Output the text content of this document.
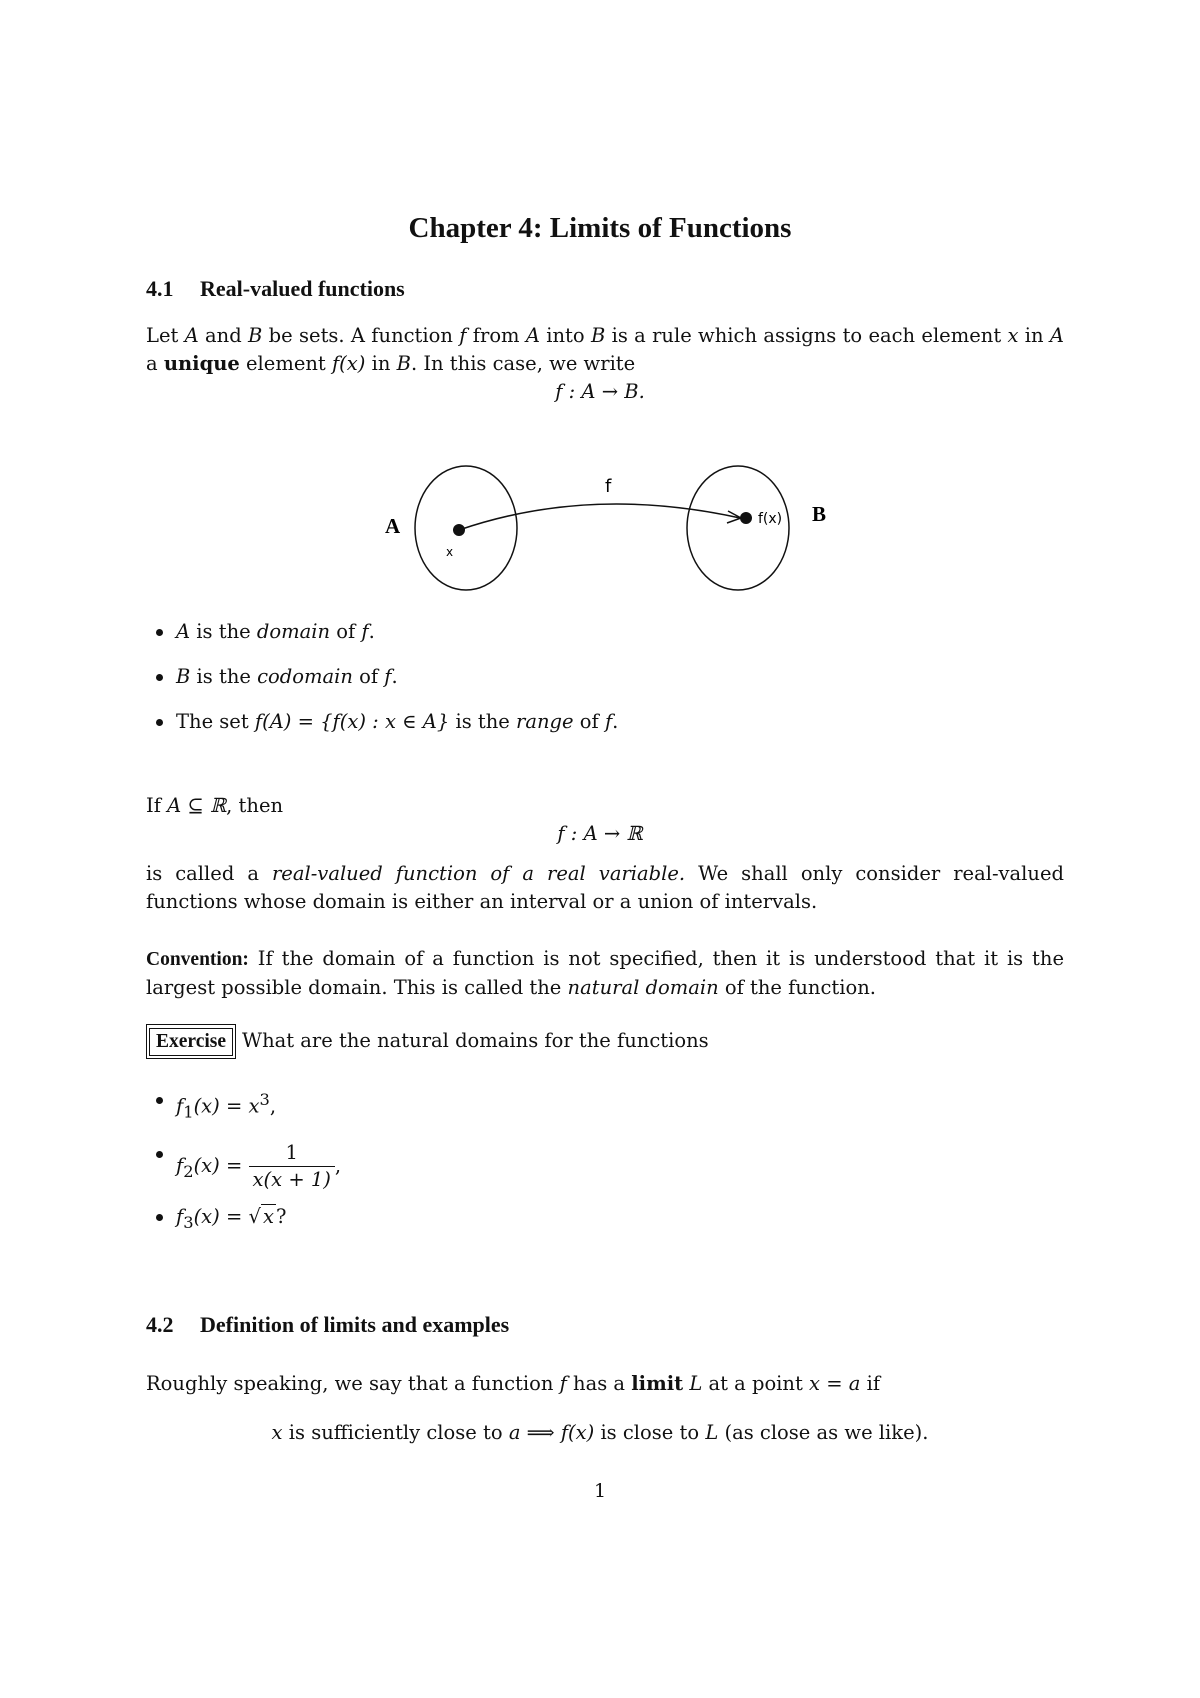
Chapter 4: Limits of Functions
4.1 Real-valued functions

Let A and B be sets. A function f from A into B is a rule which assigns to each element x in A a unique element f(x) in B. In this case, we write

f : A → B.

A	B
f
x
f(x)
A is the domain of f.
B is the codomain of f.
The set f(A) = {f(x) : x ∈ A} is the range of f.

If A ⊆ ℝ, then

f : A → ℝ

is called a real-valued function of a real variable. We shall only consider real-valued functions whose domain is either an interval or a union of intervals.

Convention: If the domain of a function is not specified, then it is understood that it is the largest possible domain. This is called the natural domain of the function.

Exercise What are the natural domains for the functions
$f_1(x) = x^3$,
$f_2(x) = \frac{1}{x(x + 1)}$ ,
$f_3(x)$ = √ x ?
4.2 Definition of limits and examples

Roughly speaking, we say that a function f has a limit L at a point x = a if

x is sufficiently close to a ⟹ f(x) is close to L (as close as we like).

1
